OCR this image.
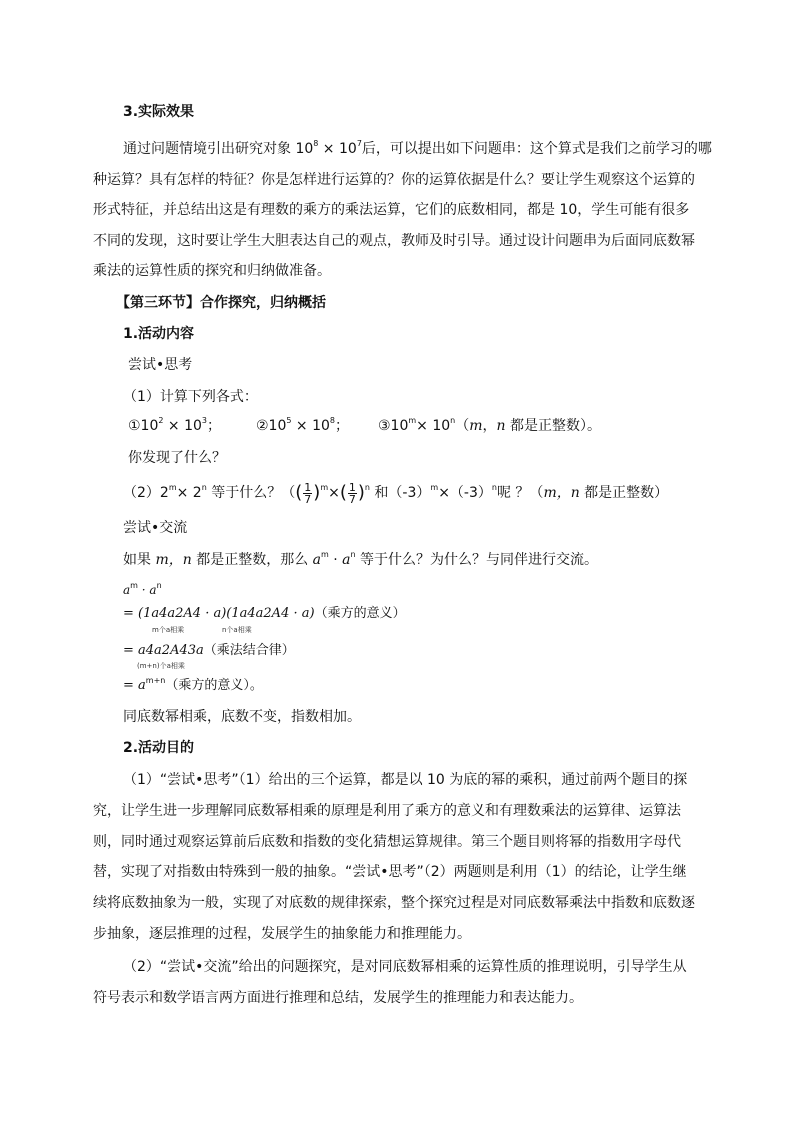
3.实际效果
通过问题情境引出研究对象 $10^8 \times 10^7$后，可以提出如下问题串：这个算式是我们之前学习的哪
种运算？具有怎样的特征？你是怎样进行运算的？你的运算依据是什么？要让学生观察这个运算的
形式特征，并总结出这是有理数的乘方的乘法运算，它们的底数相同，都是 10，学生可能有很多
不同的发现，这时要让学生大胆表达自己的观点，教师及时引导。通过设计问题串为后面同底数幂
乘法的运算性质的探究和归纳做准备。
【第三环节】合作探究，归纳概括
1.活动内容
尝试•思考
（1）计算下列各式：
$①10^2 \times 10^3$； $②10^5 \times 10^8$； $③10^m\times 10^n(m$，n 都是正整数）。
你发现了什么？
$(2)2^m\times 2^n$ 等于什么？（( $\frac{1}{7} )^m\times( \frac{1}{7} )^n$ 和$(-3)^m\times(-3)^n$呢 ？（m，n 都是正整数）
尝试•交流
如果 m，n 都是正整数，那么 $a^m \cdot a^n$ 等于什么？为什么？与同伴进行交流。
$a^m \cdot a^n$
= (1a4a2A4 · a)(1a4a2A4 · a)（乘方的意义）
m个a相乘	n个a相乘
= a4a2A43a（乘法结合律）
(m+n)个a相乘
= $a^{m+n}$（乘方的意义）。
同底数幂相乘，底数不变，指数相加。
2.活动目的
（1）“尝试•思考”（1）给出的三个运算，都是以 10 为底的幂的乘积，通过前两个题目的探
究，让学生进一步理解同底数幂相乘的原理是利用了乘方的意义和有理数乘法的运算律、运算法
则，同时通过观察运算前后底数和指数的变化猜想运算规律。第三个题目则将幂的指数用字母代
替，实现了对指数由特殊到一般的抽象。“尝试•思考”（2）两题则是利用（1）的结论，让学生继
续将底数抽象为一般，实现了对底数的规律探索，整个探究过程是对同底数幂乘法中指数和底数逐
步抽象，逐层推理的过程，发展学生的抽象能力和推理能力。
（2）“尝试•交流”给出的问题探究，是对同底数幂相乘的运算性质的推理说明，引导学生从
符号表示和数学语言两方面进行推理和总结，发展学生的推理能力和表达能力。
